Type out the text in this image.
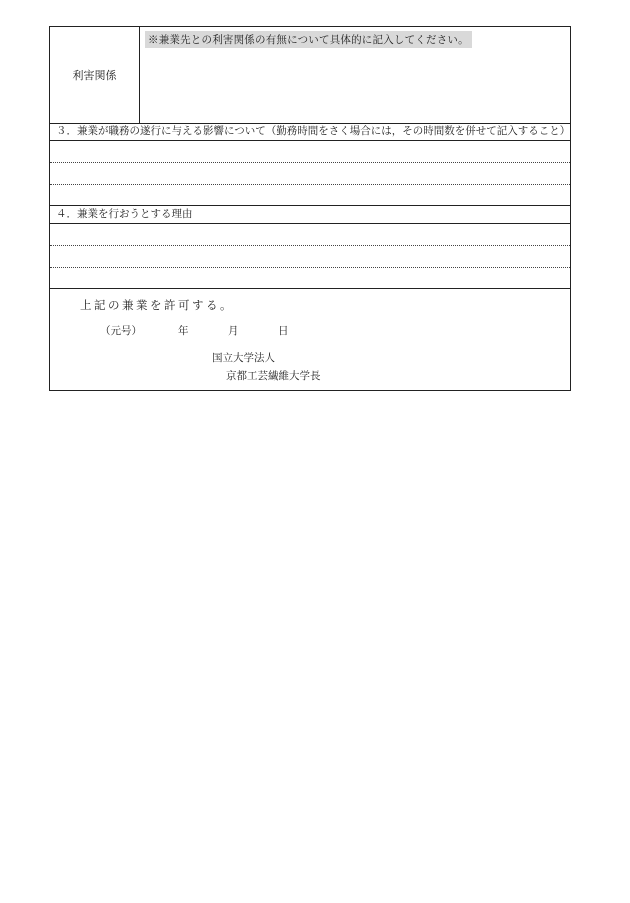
利害関係
※兼業先との利害関係の有無について具体的に記入してください。
３．兼業が職務の遂行に与える影響について（勤務時間をさく場合には，その時間数を併せて記入すること）
４．兼業を行おうとする理由
上記の兼業を許可する。
（元号）	年	月	日
国立大学法人
京都工芸繊維大学長
